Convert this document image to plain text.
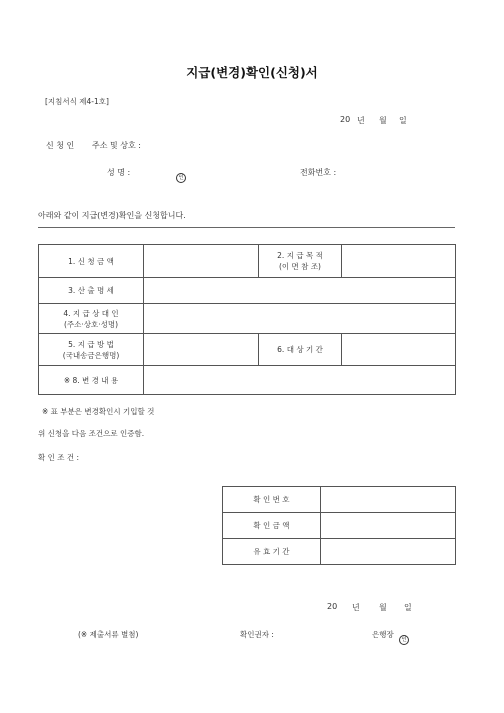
지급(변경)확인(신청)서
[지침서식 제4-1호]
20 년 월 일
신 청 인 주소 및 상호 :
성 명 :
인
전화번호 :
아래와 같이 지급(변경)확인을 신청합니다.
1. 신 청 금 액		2. 지 급 목 적
(이 면 참 조)	

3. 산 출 명 세			

4. 지 급 상 대 인
(주소·상호·성명)			

5. 지 급 방 법
(국내송금은행명)		6. 대 상 기 간	
※ 8. 변 경 내 용			
※ 표 부분은 변경확인시 기입할 것
위 신청을 다음 조건으로 인증함.
확 인 조 건 :
확 인 번 호	
확 인 금 액	
유 효 기 간	
20 년 월 일
(※ 제출서류 별첨)	확인권자 :	은행장
인
